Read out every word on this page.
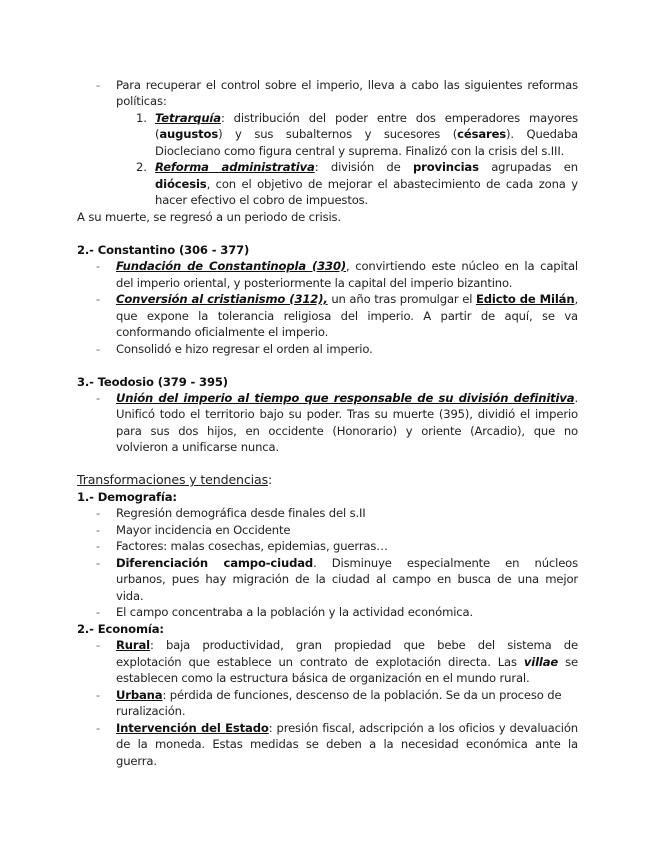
- Para recuperar el control sobre el imperio, lleva a cabo las siguientes reformas
políticas:
1. Tetrarquía: distribución del poder entre dos emperadores mayores
(augustos) y sus subalternos y sucesores (césares). Quedaba
Diocleciano como figura central y suprema. Finalizó con la crisis del s.III.
2. Reforma administrativa: división de provincias agrupadas en
diócesis, con el objetivo de mejorar el abastecimiento de cada zona y
hacer efectivo el cobro de impuestos.
A su muerte, se regresó a un periodo de crisis.
2.- Constantino (306 - 377)
- Fundación de Constantinopla (330), convirtiendo este núcleo en la capital
del imperio oriental, y posteriormente la capital del imperio bizantino.
- Conversión al cristianismo (312), un año tras promulgar el Edicto de Milán,
que expone la tolerancia religiosa del imperio. A partir de aquí, se va
conformando oficialmente el imperio.
- Consolidó e hizo regresar el orden al imperio.
3.- Teodosio (379 - 395)
- Unión del imperio al tiempo que responsable de su división definitiva.
Unificó todo el territorio bajo su poder. Tras su muerte (395), dividió el imperio
para sus dos hijos, en occidente (Honorario) y oriente (Arcadio), que no
volvieron a unificarse nunca.
Transformaciones y tendencias:
1.- Demografía:
- Regresión demográfica desde finales del s.II
- Mayor incidencia en Occidente
- Factores: malas cosechas, epidemias, guerras…
- Diferenciación campo-ciudad. Disminuye especialmente en núcleos
urbanos, pues hay migración de la ciudad al campo en busca de una mejor
vida.
- El campo concentraba a la población y la actividad económica.
2.- Economía:
- Rural: baja productividad, gran propiedad que bebe del sistema de
explotación que establece un contrato de explotación directa. Las villae se
establecen como la estructura básica de organización en el mundo rural.
- Urbana: pérdida de funciones, descenso de la población. Se da un proceso de
ruralización.
- Intervención del Estado: presión fiscal, adscripción a los oficios y devaluación
de la moneda. Estas medidas se deben a la necesidad económica ante la
guerra.
